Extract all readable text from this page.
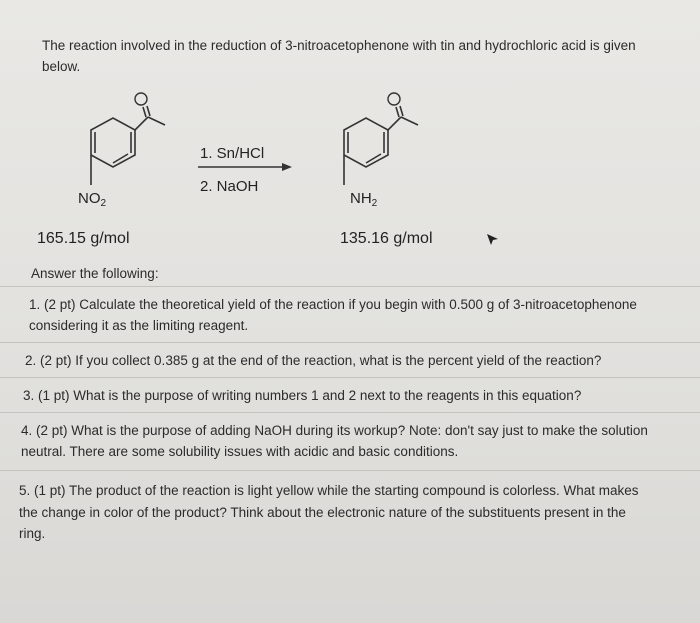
The reaction involved in the reduction of 3-nitroacetophenone with tin and hydrochloric acid is given
below.
$NO_2$
1. Sn/HCl
2. NaOH
$NH_2$
165.15 g/mol	135.16 g/mol
Answer the following:
1. (2 pt) Calculate the theoretical yield of the reaction if you begin with 0.500 g of 3-nitroacetophenone
considering it as the limiting reagent.
2. (2 pt) If you collect 0.385 g at the end of the reaction, what is the percent yield of the reaction?
3. (1 pt) What is the purpose of writing numbers 1 and 2 next to the reagents in this equation?
4. (2 pt) What is the purpose of adding NaOH during its workup? Note: don't say just to make the solution
neutral. There are some solubility issues with acidic and basic conditions.
5. (1 pt) The product of the reaction is light yellow while the starting compound is colorless. What makes
the change in color of the product? Think about the electronic nature of the substituents present in the
ring.
